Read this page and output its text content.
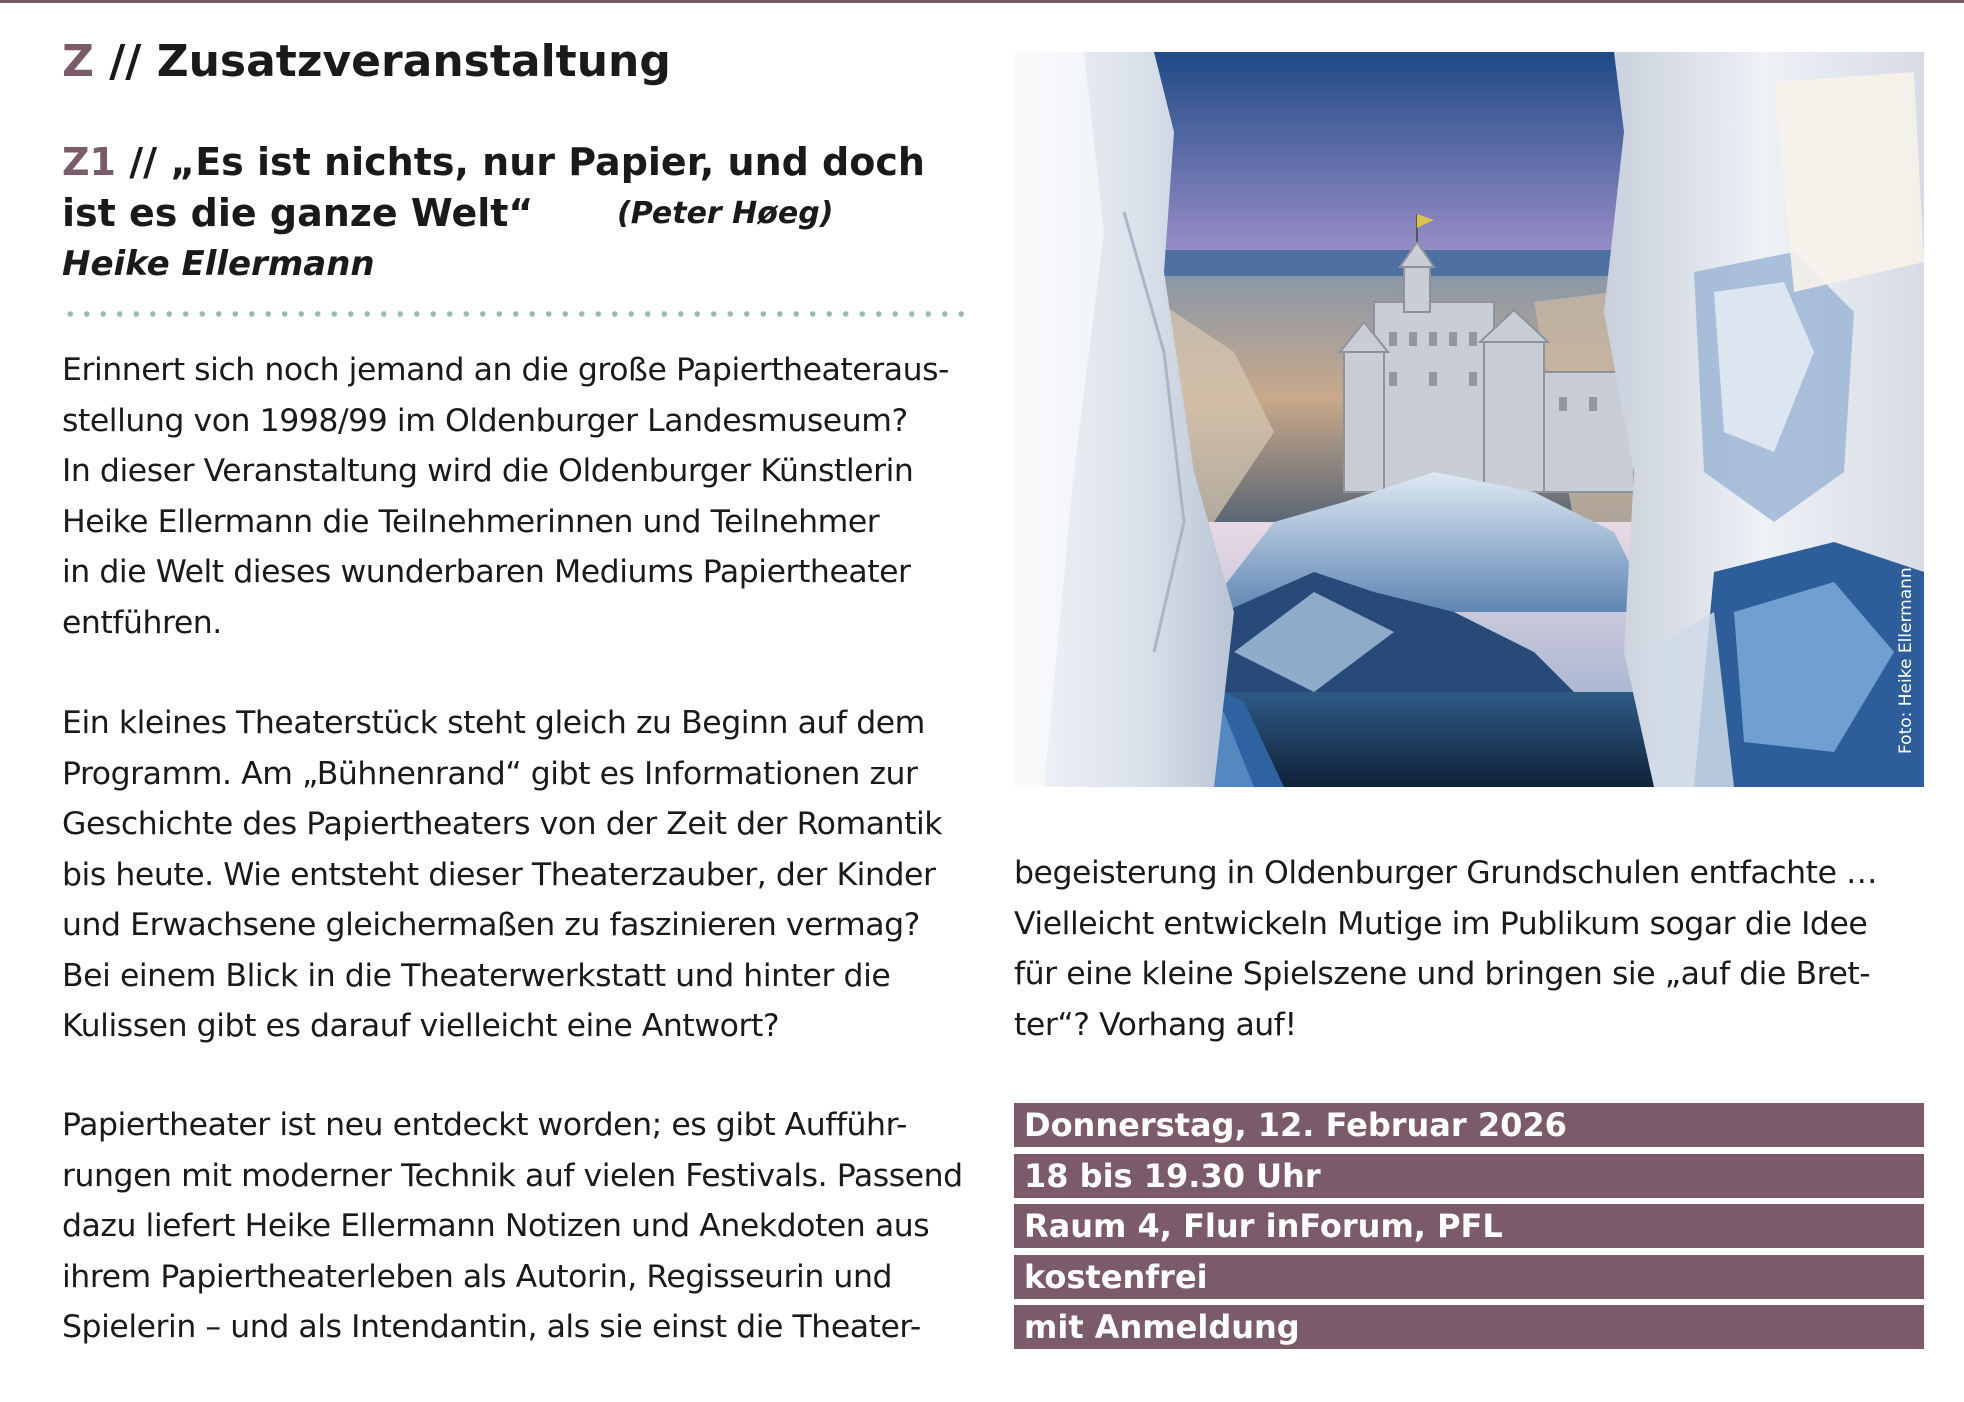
Z // Zusatzveranstaltung
Z1 // „Es ist nichts, nur Papier, und doch
ist es die ganze Welt“	(Peter Høeg)
Heike Ellermann
Erinnert sich noch jemand an die große Papiertheateraus-
stellung von 1998/99 im Oldenburger Landesmuseum?
In dieser Veranstaltung wird die Oldenburger Künstlerin
Heike Ellermann die Teilnehmerinnen und Teilnehmer
in die Welt dieses wunderbaren Mediums Papiertheater
entführen.
Ein kleines Theaterstück steht gleich zu Beginn auf dem
Programm. Am „Bühnenrand“ gibt es Informationen zur
Geschichte des Papiertheaters von der Zeit der Romantik
bis heute. Wie entsteht dieser Theaterzauber, der Kinder
und Erwachsene gleichermaßen zu faszinieren vermag?
Bei einem Blick in die Theaterwerkstatt und hinter die
Kulissen gibt es darauf vielleicht eine Antwort?
Papiertheater ist neu entdeckt worden; es gibt Aufführ-
rungen mit moderner Technik auf vielen Festivals. Passend
dazu liefert Heike Ellermann Notizen und Anekdoten aus
ihrem Papiertheaterleben als Autorin, Regisseurin und
Spielerin – und als Intendantin, als sie einst die Theater-
Foto: Heike Ellermann
begeisterung in Oldenburger Grundschulen entfachte …
Vielleicht entwickeln Mutige im Publikum sogar die Idee
für eine kleine Spielszene und bringen sie „auf die Bret-
ter“? Vorhang auf!
Donnerstag, 12. Februar 2026
18 bis 19.30 Uhr
Raum 4, Flur inForum, PFL
kostenfrei
mit Anmeldung
